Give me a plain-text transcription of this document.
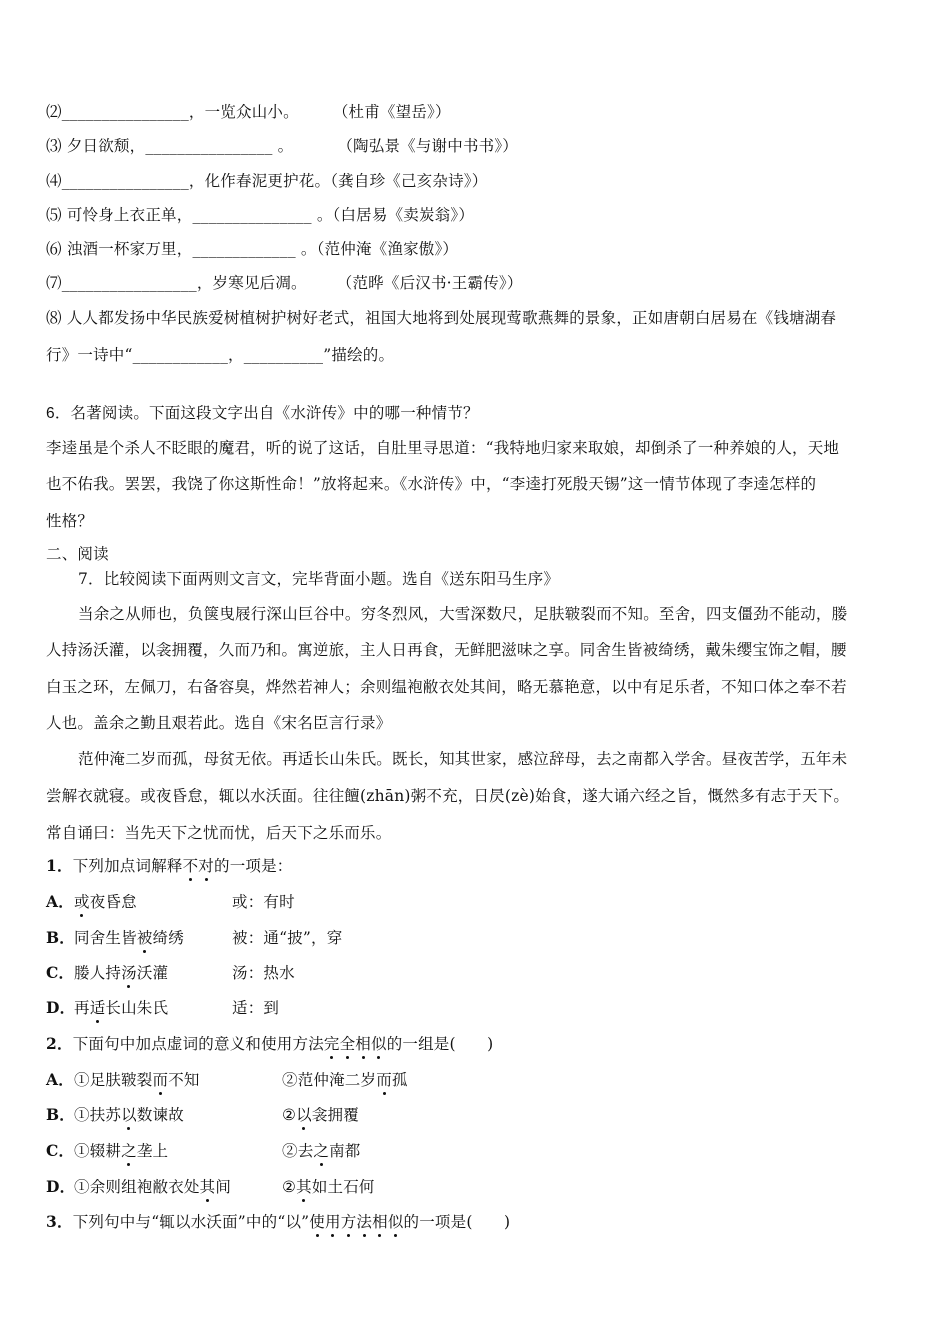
⑵________________，一览众山小。 （杜甫《望岳》）
⑶ 夕日欲颓，________________ 。	（陶弘景《与谢中书书》）
⑷________________，化作春泥更护花。（龚自珍《己亥杂诗》）
⑸ 可怜身上衣正单，_______________ 。（白居易《卖炭翁》）
⑹ 浊酒一杯家万里，_____________ 。（范仲淹《渔家傲》）
⑺_________________，岁寒见后凋。 （范晔《后汉书·王霸传》）
⑻ 人人都发扬中华民族爱树植树护树好老式，祖国大地将到处展现莺歌燕舞的景象，正如唐朝白居易在《钱塘湖春
行》一诗中“____________，__________”描绘的。
6．名著阅读。下面这段文字出自《水浒传》中的哪一种情节？
李逵虽是个杀人不眨眼的魔君，听的说了这话，自肚里寻思道：“我特地归家来取娘，却倒杀了一种养娘的人，天地
也不佑我。罢罢，我饶了你这斯性命！”放将起来。《水浒传》中，“李逵打死殷天锡”这一情节体现了李逵怎样的
性格？
二、阅读
7．比较阅读下面两则文言文，完毕背面小题。选自《送东阳马生序》
当余之从师也，负箧曳屐行深山巨谷中。穷冬烈风，大雪深数尺，足肤皲裂而不知。至舍，四支僵劲不能动，媵
人持汤沃灌，以衾拥覆，久而乃和。寓逆旅，主人日再食，无鲜肥滋味之享。同舍生皆被绮绣，戴朱缨宝饰之帽，腰
白玉之环，左佩刀，右备容臭，烨然若神人；余则缊袍敝衣处其间，略无慕艳意，以中有足乐者，不知口体之奉不若
人也。盖余之勤且艰若此。选自《宋名臣言行录》
范仲淹二岁而孤，母贫无依。再适长山朱氏。既长，知其世家，感泣辞母，去之南都入学舍。昼夜苦学，五年未
尝解衣就寝。或夜昏怠，辄以水沃面。往往饘(zhān)粥不充，日昃(zè)始食，遂大诵六经之旨，慨然多有志于天下。
常自诵曰：当先天下之忧而忧，后天下之乐而乐。
1．下列加点词解释不对的一项是：
A．或夜昏怠	或：有时
B．同舍生皆被绮绣	被：通“披”，穿
C．媵人持汤沃灌	汤：热水
D．再适长山朱氏	适：到
2．下面句中加点虚词的意义和使用方法完全相似的一组是(　　)
A．①足肤皲裂而不知	②范仲淹二岁而孤
B．①扶苏以数谏故	②以衾拥覆
C．①辍耕之垄上	②去之南都
D．①余则组袍敝衣处其间	②其如土石何
3．下列句中与“辄以水沃面”中的“以”使用方法相似的一项是(　　)
